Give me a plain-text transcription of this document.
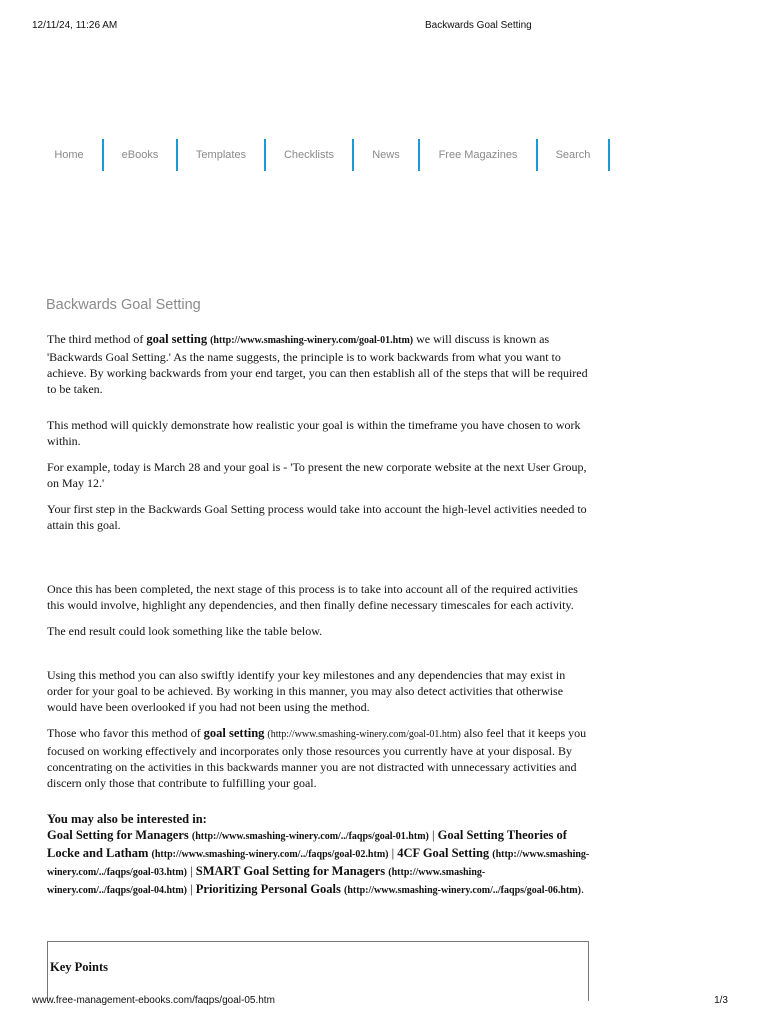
12/11/24, 11:26 AM	Backwards Goal Setting
Home	eBooks	Templates	Checklists	News	Free Magazines	Search
Backwards Goal Setting

The third method of goal setting (http://www.smashing-winery.com/goal-01.htm) we will discuss is known as 'Backwards Goal Setting.' As the name suggests, the principle is to work backwards from what you want to achieve. By working backwards from your end target, you can then establish all of the steps that will be required to be taken.

This method will quickly demonstrate how realistic your goal is within the timeframe you have chosen to work within.

For example, today is March 28 and your goal is - 'To present the new corporate website at the next User Group, on May 12.'

Your first step in the Backwards Goal Setting process would take into account the high-level activities needed to attain this goal.

Once this has been completed, the next stage of this process is to take into account all of the required activities this would involve, highlight any dependencies, and then finally define necessary timescales for each activity.

The end result could look something like the table below.

Using this method you can also swiftly identify your key milestones and any dependencies that may exist in order for your goal to be achieved. By working in this manner, you may also detect activities that otherwise would have been overlooked if you had not been using the method.

Those who favor this method of goal setting (http://www.smashing-winery.com/goal-01.htm) also feel that it keeps you focused on working effectively and incorporates only those resources you currently have at your disposal. By concentrating on the activities in this backwards manner you are not distracted with unnecessary activities and discern only those that contribute to fulfilling your goal.

You may also be interested in:
Goal Setting for Managers (http://www.smashing-winery.com/../faqps/goal-01.htm) | Goal Setting Theories of Locke and Latham (http://www.smashing-winery.com/../faqps/goal-02.htm) | 4CF Goal Setting (http://www.smashing-winery.com/../faqps/goal-03.htm) | SMART Goal Setting for Managers (http://www.smashing-winery.com/../faqps/goal-04.htm) | Prioritizing Personal Goals (http://www.smashing-winery.com/../faqps/goal-06.htm).

Key Points
www.free-management-ebooks.com/faqps/goal-05.htm	1/3
